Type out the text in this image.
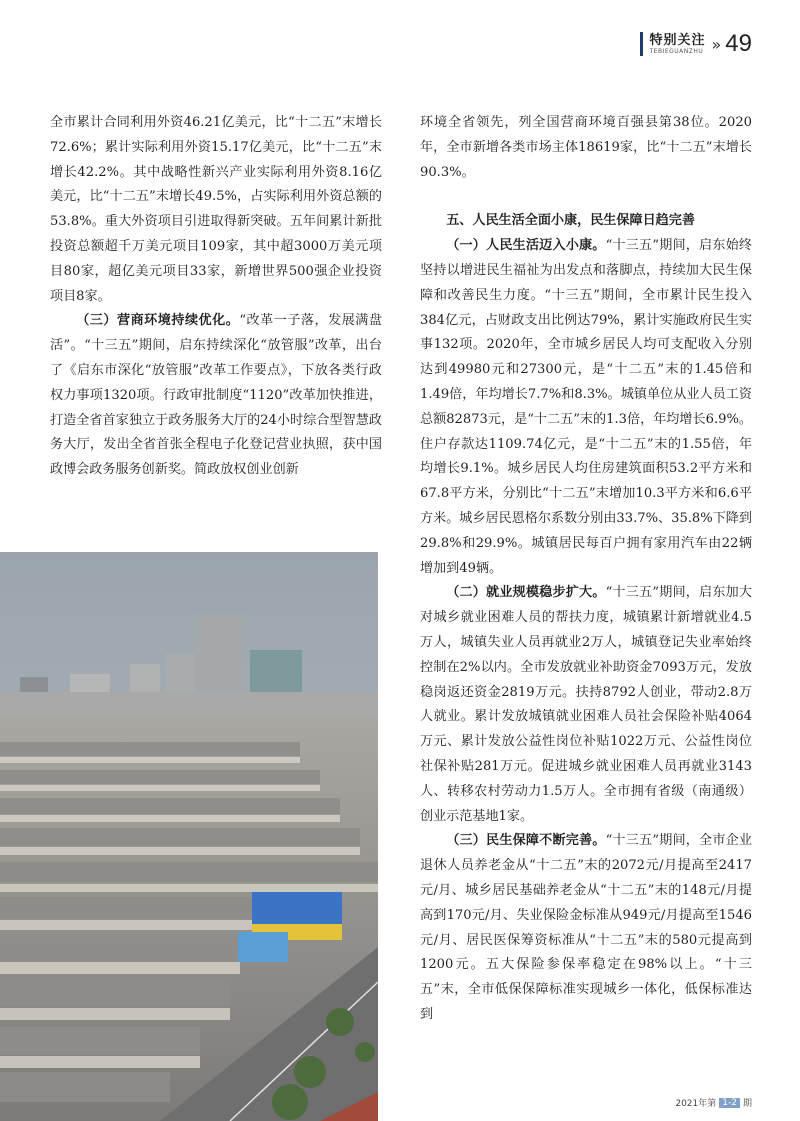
特别关注
TEBIEGUANZHU » 49

全市累计合同利用外资46.21亿美元，比“十二五”末增长72.6%；累计实际利用外资15.17亿美元，比“十二五”末增长42.2%。其中战略性新兴产业实际利用外资8.16亿美元，比“十二五”末增长49.5%，占实际利用外资总额的53.8%。重大外资项目引进取得新突破。五年间累计新批投资总额超千万美元项目109家，其中超3000万美元项目80家，超亿美元项目33家，新增世界500强企业投资项目8家。

（三）营商环境持续优化。“改革一子落，发展满盘活”。“十三五”期间，启东持续深化“放管服”改革，出台了《启东市深化“放管服”改革工作要点》，下放各类行政权力事项1320项。行政审批制度“1120”改革加快推进，打造全省首家独立于政务服务大厅的24小时综合型智慧政务大厅，发出全省首张全程电子化登记营业执照，获中国政博会政务服务创新奖。简政放权创业创新

环境全省领先，列全国营商环境百强县第38位。2020年，全市新增各类市场主体18619家，比“十二五”末增长90.3%。

五、人民生活全面小康，民生保障日趋完善

（一）人民生活迈入小康。“十三五”期间，启东始终坚持以增进民生福祉为出发点和落脚点，持续加大民生保障和改善民生力度。“十三五”期间，全市累计民生投入384亿元，占财政支出比例达79%，累计实施政府民生实事132项。2020年，全市城乡居民人均可支配收入分别达到49980元和27300元，是“十二五”末的1.45倍和1.49倍，年均增长7.7%和8.3%。城镇单位从业人员工资总额82873元，是“十二五”末的1.3倍，年均增长6.9%。住户存款达1109.74亿元，是“十二五”末的1.55倍，年均增长9.1%。城乡居民人均住房建筑面积53.2平方米和67.8平方米，分别比“十二五”末增加10.3平方米和6.6平方米。城乡居民恩格尔系数分别由33.7%、35.8%下降到29.8%和29.9%。城镇居民每百户拥有家用汽车由22辆增加到49辆。

（二）就业规模稳步扩大。“十三五”期间，启东加大对城乡就业困难人员的帮扶力度，城镇累计新增就业4.5万人，城镇失业人员再就业2万人，城镇登记失业率始终控制在2%以内。全市发放就业补助资金7093万元，发放稳岗返还资金2819万元。扶持8792人创业，带动2.8万人就业。累计发放城镇就业困难人员社会保险补贴4064万元、累计发放公益性岗位补贴1022万元、公益性岗位社保补贴281万元。促进城乡就业困难人员再就业3143人、转移农村劳动力1.5万人。全市拥有省级（南通级）创业示范基地1家。

（三）民生保障不断完善。“十三五”期间，全市企业退休人员养老金从“十二五”末的2072元/月提高至2417元/月、城乡居民基础养老金从“十二五”末的148元/月提高到170元/月、失业保险金标准从949元/月提高至1546元/月、居民医保筹资标准从“十二五”末的580元提高到1200元。五大保险参保率稳定在98%以上。“十三五”末，全市低保保障标准实现城乡一体化，低保标准达到

2021年 第 1-2 期
